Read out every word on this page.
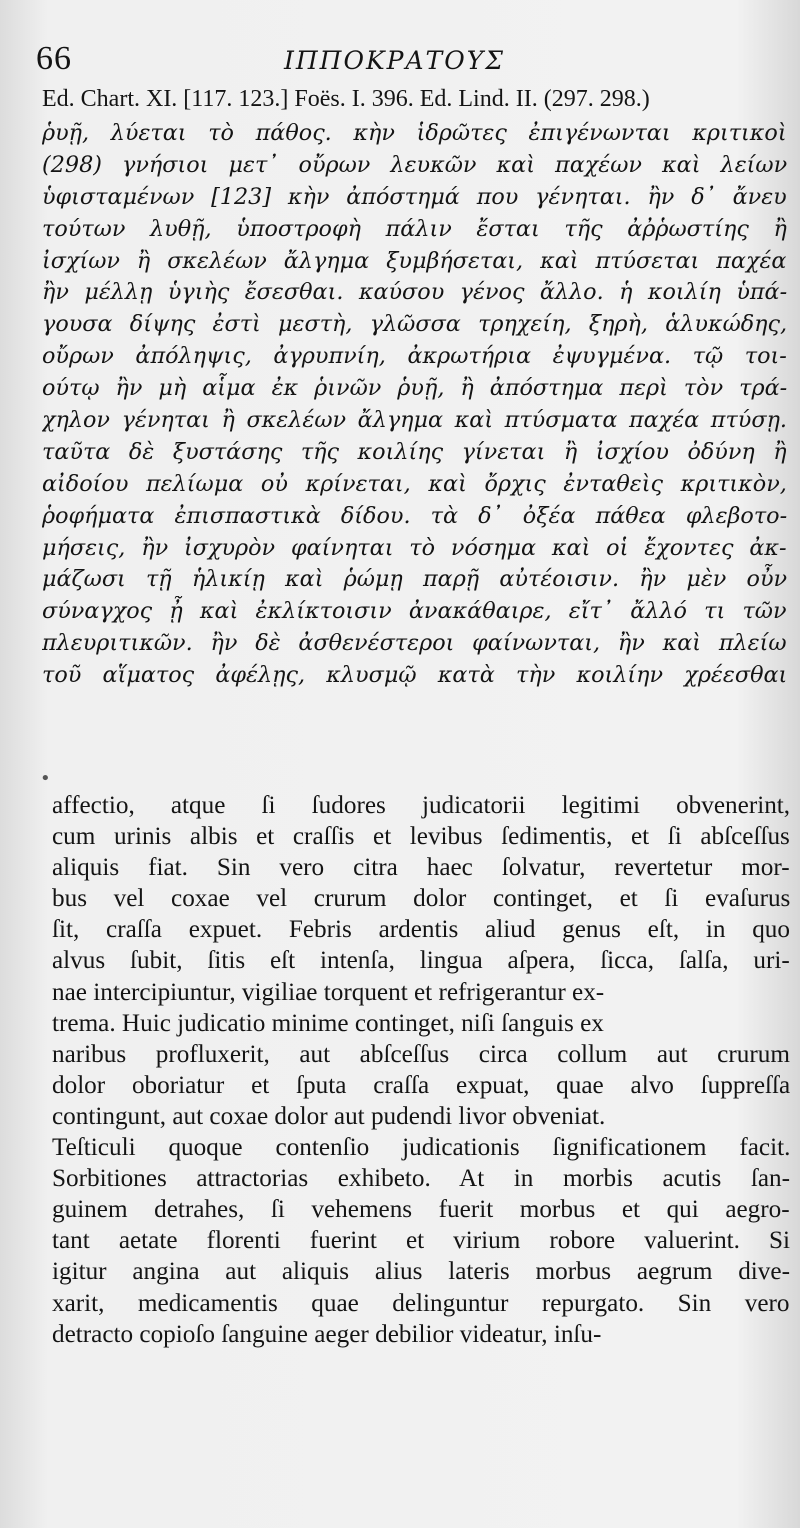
66	ΙΠΠΟΚΡΑΤΟΥΣ
Ed. Chart. XI. [117. 123.] Foës. I. 396. Ed. Lind. II. (297. 298.)
ῥυῇ, λύεται τὸ πάθος. κὴν ἱδρῶτες ἐπιγένωνται κριτικοὶ
(298) γνήσιοι μετ᾽ οὔρων λευκῶν καὶ παχέων καὶ λείων
ὑφισταμένων [123] κὴν ἀπόστημά που γένηται. ἢν δ᾽ ἄνευ
τούτων λυθῇ, ὑποστροφὴ πάλιν ἔσται τῆς ἀῤῥωστίης ἢ
ἰσχίων ἢ σκελέων ἄλγημα ξυμβήσεται, καὶ πτύσεται παχέα
ἢν μέλλῃ ὑγιὴς ἔσεσθαι. καύσου γένος ἄλλο. ἡ κοιλίη ὑπά-
γουσα δίψης ἐστὶ μεστὴ, γλῶσσα τρηχείη, ξηρὴ, ἁλυκώδης,
οὔρων ἀπόληψις, ἀγρυπνίη, ἀκρωτήρια ἐψυγμένα. τῷ τοι-
ούτῳ ἢν μὴ αἷμα ἐκ ῥινῶν ῥυῇ, ἢ ἀπόστημα περὶ τὸν τρά-
χηλον γένηται ἢ σκελέων ἄλγημα καὶ πτύσματα παχέα πτύσῃ.
ταῦτα δὲ ξυστάσης τῆς κοιλίης γίνεται ἢ ἰσχίου ὀδύνη ἢ
αἰδοίου πελίωμα οὐ κρίνεται, καὶ ὄρχις ἐνταθεὶς κριτικὸν,
ῥοφήματα ἐπισπαστικὰ δίδου. τὰ δ᾽ ὀξέα πάθεα φλεβοτο-
μήσεις, ἢν ἰσχυρὸν φαίνηται τὸ νόσημα καὶ οἱ ἔχοντες ἀκ-
μάζωσι τῇ ἡλικίῃ καὶ ῥώμῃ παρῇ αὐτέοισιν. ἢν μὲν οὖν
σύναγχος ᾖ καὶ ἐκλίκτοισιν ἀνακάθαιρε, εἴτ᾽ ἄλλό τι τῶν
πλευριτικῶν. ἢν δὲ ἀσθενέστεροι φαίνωνται, ἢν καὶ πλείω
τοῦ αἵματος ἀφέλῃς, κλυσμῷ κατὰ τὴν κοιλίην χρέεσθαι
•
affectio, atque ſi ſudores judicatorii legitimi obvenerint,
cum urinis albis et craſſis et levibus ſedimentis, et ſi abſceſſus
aliquis fiat. Sin vero citra haec ſolvatur, revertetur mor-
bus vel coxae vel crurum dolor continget, et ſi evaſurus
ſit, craſſa expuet. Febris ardentis aliud genus eſt, in quo
alvus ſubit, ſitis eſt intenſa, lingua aſpera, ſicca, ſalſa, uri-
nae intercipiuntur, vigiliae torquent et refrigerantur ex-
trema. Huic judicatio minime continget, niſi ſanguis ex
naribus profluxerit, aut abſceſſus circa collum aut crurum
dolor oboriatur et ſputa craſſa expuat, quae alvo ſuppreſſa
contingunt, aut coxae dolor aut pudendi livor obveniat.
Teſticuli quoque contenſio judicationis ſignificationem facit.
Sorbitiones attractorias exhibeto. At in morbis acutis ſan-
guinem detrahes, ſi vehemens fuerit morbus et qui aegro-
tant aetate florenti fuerint et virium robore valuerint. Si
igitur angina aut aliquis alius lateris morbus aegrum dive-
xarit, medicamentis quae delinguntur repurgato. Sin vero
detracto copioſo ſanguine aeger debilior videatur, inſu-
